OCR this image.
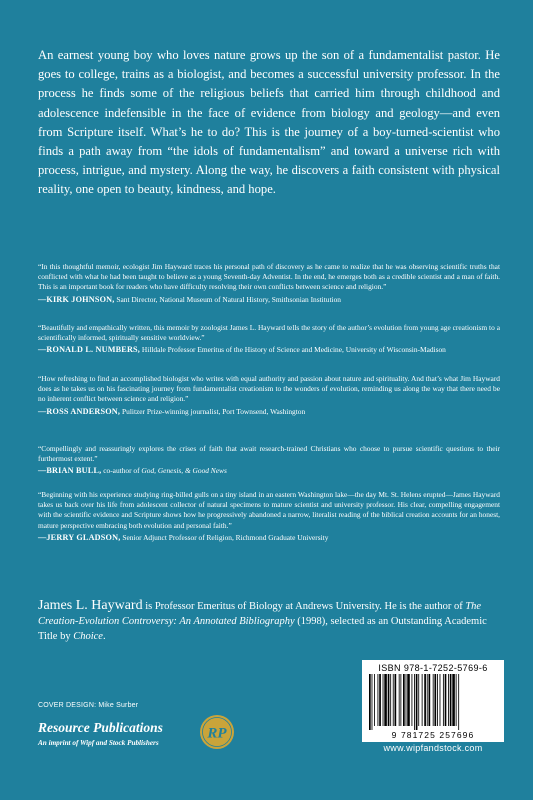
An earnest young boy who loves nature grows up the son of a fundamentalist pastor. He goes to college, trains as a biologist, and becomes a successful university professor. In the process he finds some of the religious beliefs that carried him through childhood and adolescence indefensible in the face of evidence from biology and geology—and even from Scripture itself. What’s he to do? This is the journey of a boy-turned-scientist who finds a path away from “the idols of fundamentalism” and toward a universe rich with process, intrigue, and mystery. Along the way, he discovers a faith consistent with physical reality, one open to beauty, kindness, and hope.

“In this thoughtful memoir, ecologist Jim Hayward traces his personal path of discovery as he came to realize that he was observing scientific truths that conflicted with what he had been taught to believe as a young Seventh-day Adventist. In the end, he emerges both as a credible scientist and a man of faith. This is an important book for readers who have difficulty resolving their own conflicts between science and religion.”
—KIRK JOHNSON, Sant Director, National Museum of Natural History, Smithsonian Institution
“Beautifully and empathically written, this memoir by zoologist James L. Hayward tells the story of the author’s evolution from young age creationism to a scientifically informed, spiritually sensitive worldview.”
—RONALD L. NUMBERS, Hilldale Professor Emeritus of the History of Science and Medicine, University of Wisconsin-Madison
“How refreshing to find an accomplished biologist who writes with equal authority and passion about nature and spirituality. And that’s what Jim Hayward does as he takes us on his fascinating journey from fundamentalist creationism to the wonders of evolution, reminding us along the way that there need be no inherent conflict between science and religion.”
—ROSS ANDERSON, Pulitzer Prize-winning journalist, Port Townsend, Washington
“Compellingly and reassuringly explores the crises of faith that await research-trained Christians who choose to pursue scientific questions to their furthermost extent.”
—BRIAN BULL, co-author of God, Genesis, & Good News
“Beginning with his experience studying ring-billed gulls on a tiny island in an eastern Washington lake—the day Mt. St. Helens erupted—James Hayward takes us back over his life from adolescent collector of natural specimens to mature scientist and university professor. His clear, compelling engagement with the scientific evidence and Scripture shows how he progressively abandoned a narrow, literalist reading of the biblical creation accounts for an honest, mature perspective embracing both evolution and personal faith.”
—JERRY GLADSON, Senior Adjunct Professor of Religion, Richmond Graduate University

James L. Hayward is Professor Emeritus of Biology at Andrews University. He is the author of The Creation-Evolution Controversy: An Annotated Bibliography (1998), selected as an Outstanding Academic Title by Choice.

COVER DESIGN: Mike Surber
Resource Publications
An imprint of Wipf and Stock Publishers
RP
ISBN 978-1-7252-5769-6
9 781725 257696
www.wipfandstock.com
